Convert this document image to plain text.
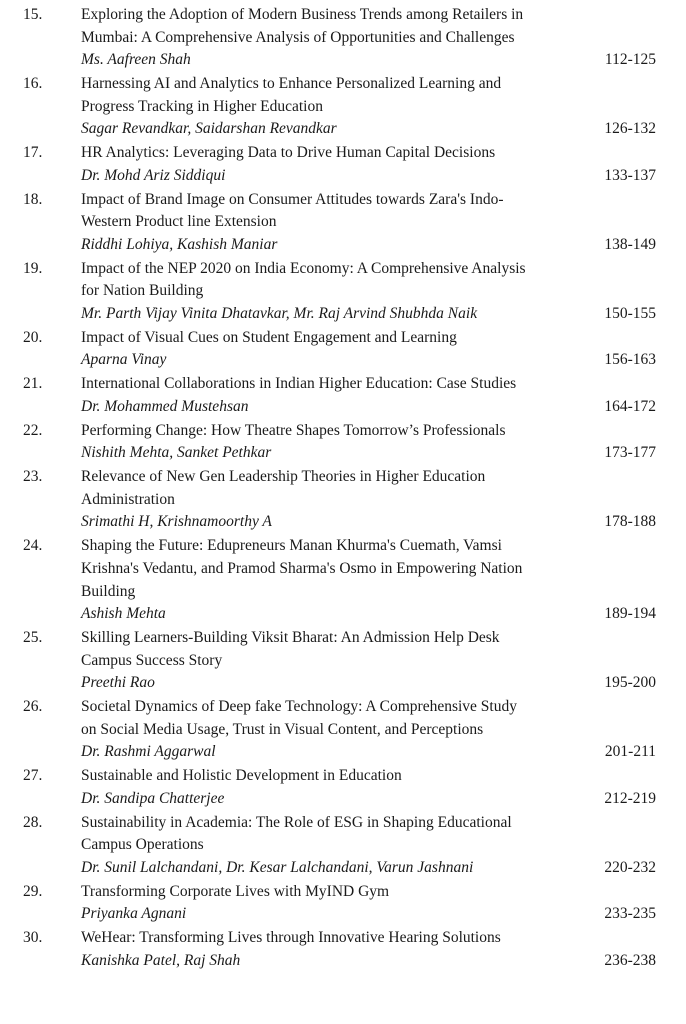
15. Exploring the Adoption of Modern Business Trends among Retailers in
Mumbai: A Comprehensive Analysis of Opportunities and Challenges
Ms. Aafreen Shah	112-125
16. Harnessing AI and Analytics to Enhance Personalized Learning and
Progress Tracking in Higher Education
Sagar Revandkar, Saidarshan Revandkar	126-132
17. HR Analytics: Leveraging Data to Drive Human Capital Decisions
Dr. Mohd Ariz Siddiqui	133-137
18. Impact of Brand Image on Consumer Attitudes towards Zara's Indo-
Western Product line Extension
Riddhi Lohiya, Kashish Maniar	138-149
19. Impact of the NEP 2020 on India Economy: A Comprehensive Analysis
for Nation Building
Mr. Parth Vijay Vinita Dhatavkar, Mr. Raj Arvind Shubhda Naik	150-155
20. Impact of Visual Cues on Student Engagement and Learning
Aparna Vinay	156-163
21. International Collaborations in Indian Higher Education: Case Studies
Dr. Mohammed Mustehsan	164-172
22. Performing Change: How Theatre Shapes Tomorrow’s Professionals
Nishith Mehta, Sanket Pethkar	173-177
23. Relevance of New Gen Leadership Theories in Higher Education
Administration
Srimathi H, Krishnamoorthy A	178-188
24. Shaping the Future: Edupreneurs Manan Khurma's Cuemath, Vamsi
Krishna's Vedantu, and Pramod Sharma's Osmo in Empowering Nation
Building
Ashish Mehta	189-194
25. Skilling Learners-Building Viksit Bharat: An Admission Help Desk
Campus Success Story
Preethi Rao	195-200
26. Societal Dynamics of Deep fake Technology: A Comprehensive Study
on Social Media Usage, Trust in Visual Content, and Perceptions
Dr. Rashmi Aggarwal	201-211
27. Sustainable and Holistic Development in Education
Dr. Sandipa Chatterjee	212-219
28. Sustainability in Academia: The Role of ESG in Shaping Educational
Campus Operations
Dr. Sunil Lalchandani, Dr. Kesar Lalchandani, Varun Jashnani	220-232
29. Transforming Corporate Lives with MyIND Gym
Priyanka Agnani	233-235
30. WeHear: Transforming Lives through Innovative Hearing Solutions
Kanishka Patel, Raj Shah	236-238
